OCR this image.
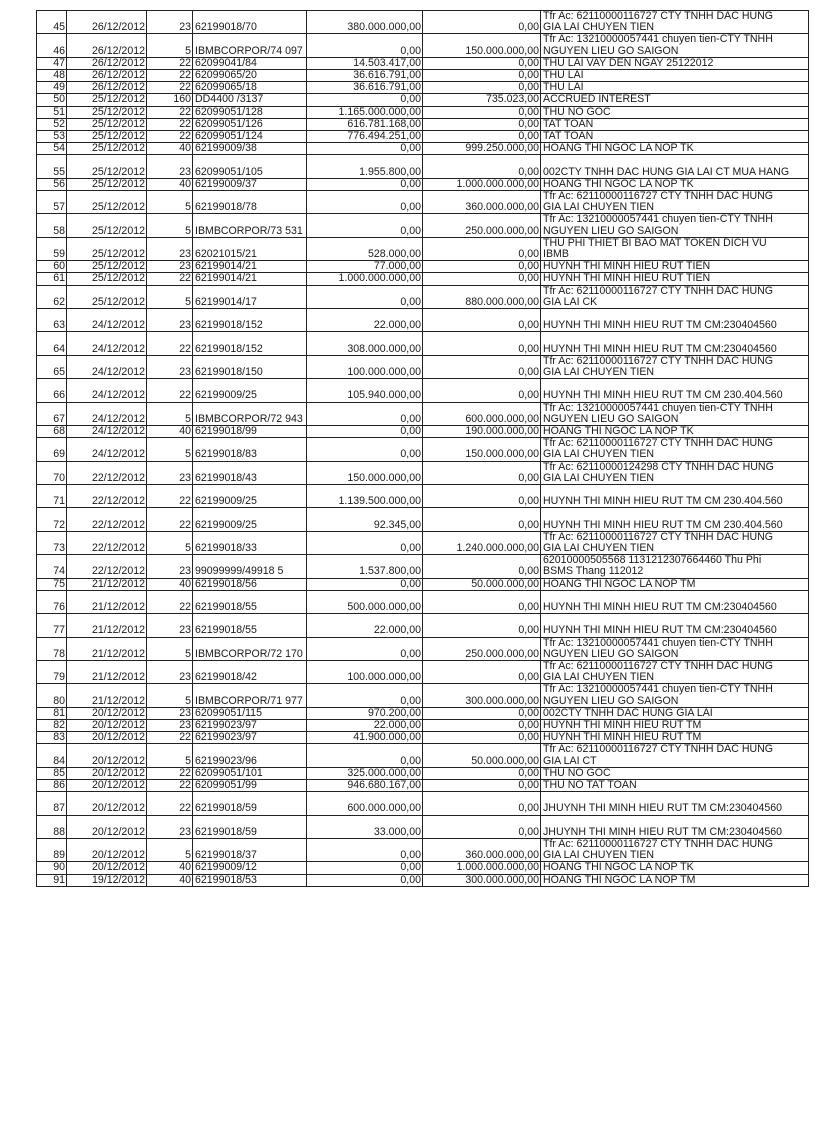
45	26/12/2012	23	62199018/70	380.000.000,00	0,00	Tfr Ac: 62110000116727 CTY TNHH DAC HUNG
GIA LAI CHUYEN TIEN

46	26/12/2012	5	IBMBCORPOR/74 097	0,00	150.000.000,00	Tfr Ac: 13210000057441 chuyen tien-CTY TNHH
NGUYEN LIEU GO SAIGON

47	26/12/2012	22	62099041/84	14.503.417,00	0,00	THU LAI VAY DEN NGAY 25122012

48	26/12/2012	22	62099065/20	36.616.791,00	0,00	THU LAI

49	26/12/2012	22	62099065/18	36.616.791,00	0,00	THU LAI

50	25/12/2012	160	DD4400 /3137	0,00	735.023,00	ACCRUED INTEREST

51	25/12/2012	22	62099051/128	1.165.000.000,00	0,00	THU NO GOC

52	25/12/2012	22	62099051/126	616.781.168,00	0,00	TAT TOAN

53	25/12/2012	22	62099051/124	776.494.251,00	0,00	TAT TOAN

54	25/12/2012	40	62199009/38	0,00	999.250.000,00	HOANG THI NGOC LA NOP TK

55	25/12/2012	23	62099051/105	1.955.800,00	0,00	002CTY TNHH DAC HUNG GIA LAI CT MUA HANG

56	25/12/2012	40	62199009/37	0,00	1.000.000.000,00	HOANG THI NGOC LA NOP TK

57	25/12/2012	5	62199018/78	0,00	360.000.000,00	Tfr Ac: 62110000116727 CTY TNHH DAC HUNG
GIA LAI CHUYEN TIEN

58	25/12/2012	5	IBMBCORPOR/73 531	0,00	250.000.000,00	Tfr Ac: 13210000057441 chuyen tien-CTY TNHH
NGUYEN LIEU GO SAIGON

59	25/12/2012	23	62021015/21	528.000,00	0,00	THU PHI THIET BI BAO MAT TOKEN DICH VU
IBMB

60	25/12/2012	23	62199014/21	77.000,00	0,00	HUYNH THI MINH HIEU RUT TIEN

61	25/12/2012	22	62199014/21	1.000.000.000,00	0,00	HUYNH THI MINH HIEU RUT TIEN

62	25/12/2012	5	62199014/17	0,00	880.000.000,00	Tfr Ac: 62110000116727 CTY TNHH DAC HUNG
GIA LAI CK

63	24/12/2012	23	62199018/152	22.000,00	0,00	HUYNH THI MINH HIEU RUT TM CM:230404560

64	24/12/2012	22	62199018/152	308.000.000,00	0,00	HUYNH THI MINH HIEU RUT TM CM:230404560

65	24/12/2012	23	62199018/150	100.000.000,00	0,00	Tfr Ac: 62110000116727 CTY TNHH DAC HUNG
GIA LAI CHUYEN TIEN

66	24/12/2012	22	62199009/25	105.940.000,00	0,00	HUYNH THI MINH HIEU RUT TM CM 230.404.560

67	24/12/2012	5	IBMBCORPOR/72 943	0,00	600.000.000,00	Tfr Ac: 13210000057441 chuyen tien-CTY TNHH
NGUYEN LIEU GO SAIGON

68	24/12/2012	40	62199018/99	0,00	190.000.000,00	HOANG THI NGOC LA NOP TK

69	24/12/2012	5	62199018/83	0,00	150.000.000,00	Tfr Ac: 62110000116727 CTY TNHH DAC HUNG
GIA LAI CHUYEN TIEN

70	22/12/2012	23	62199018/43	150.000.000,00	0,00	Tfr Ac: 62110000124298 CTY TNHH DAC HUNG
GIA LAI CHUYEN TIEN

71	22/12/2012	22	62199009/25	1.139.500.000,00	0,00	HUYNH THI MINH HIEU RUT TM CM 230.404.560

72	22/12/2012	22	62199009/25	92.345,00	0,00	HUYNH THI MINH HIEU RUT TM CM 230.404.560

73	22/12/2012	5	62199018/33	0,00	1.240.000.000,00	Tfr Ac: 62110000116727 CTY TNHH DAC HUNG
GIA LAI CHUYEN TIEN

74	22/12/2012	23	99099999/49918 5	1.537.800,00	0,00	62010000505568 1131212307664460 Thu Phi
BSMS Thang 112012

75	21/12/2012	40	62199018/56	0,00	50.000.000,00	HOANG THI NGOC LA NOP TM

76	21/12/2012	22	62199018/55	500.000.000,00	0,00	HUYNH THI MINH HIEU RUT TM CM:230404560

77	21/12/2012	23	62199018/55	22.000,00	0,00	HUYNH THI MINH HIEU RUT TM CM:230404560

78	21/12/2012	5	IBMBCORPOR/72 170	0,00	250.000.000,00	Tfr Ac: 13210000057441 chuyen tien-CTY TNHH
NGUYEN LIEU GO SAIGON

79	21/12/2012	23	62199018/42	100.000.000,00	0,00	Tfr Ac: 62110000116727 CTY TNHH DAC HUNG
GIA LAI CHUYEN TIEN

80	21/12/2012	5	IBMBCORPOR/71 977	0,00	300.000.000,00	Tfr Ac: 13210000057441 chuyen tien-CTY TNHH
NGUYEN LIEU GO SAIGON

81	20/12/2012	23	62099051/115	970.200,00	0,00	002CTY TNHH DAC HUNG GIA LAI

82	20/12/2012	23	62199023/97	22.000,00	0,00	HUYNH THI MINH HIEU RUT TM

83	20/12/2012	22	62199023/97	41.900.000,00	0,00	HUYNH THI MINH HIEU RUT TM

84	20/12/2012	5	62199023/96	0,00	50.000.000,00	Tfr Ac: 62110000116727 CTY TNHH DAC HUNG
GIA LAI CT

85	20/12/2012	22	62099051/101	325.000.000,00	0,00	THU NO GOC

86	20/12/2012	22	62099051/99	946.680.167,00	0,00	THU NO TAT TOAN

87	20/12/2012	22	62199018/59	600.000.000,00	0,00	JHUYNH THI MINH HIEU RUT TM CM:230404560

88	20/12/2012	23	62199018/59	33.000,00	0,00	JHUYNH THI MINH HIEU RUT TM CM:230404560

89	20/12/2012	5	62199018/37	0,00	360.000.000,00	Tfr Ac: 62110000116727 CTY TNHH DAC HUNG
GIA LAI CHUYEN TIEN

90	20/12/2012	40	62199009/12	0,00	1.000.000.000,00	HOANG THI NGOC LA NOP TK

91	19/12/2012	40	62199018/53	0,00	300.000.000,00	HOANG THI NGOC LA NOP TM
